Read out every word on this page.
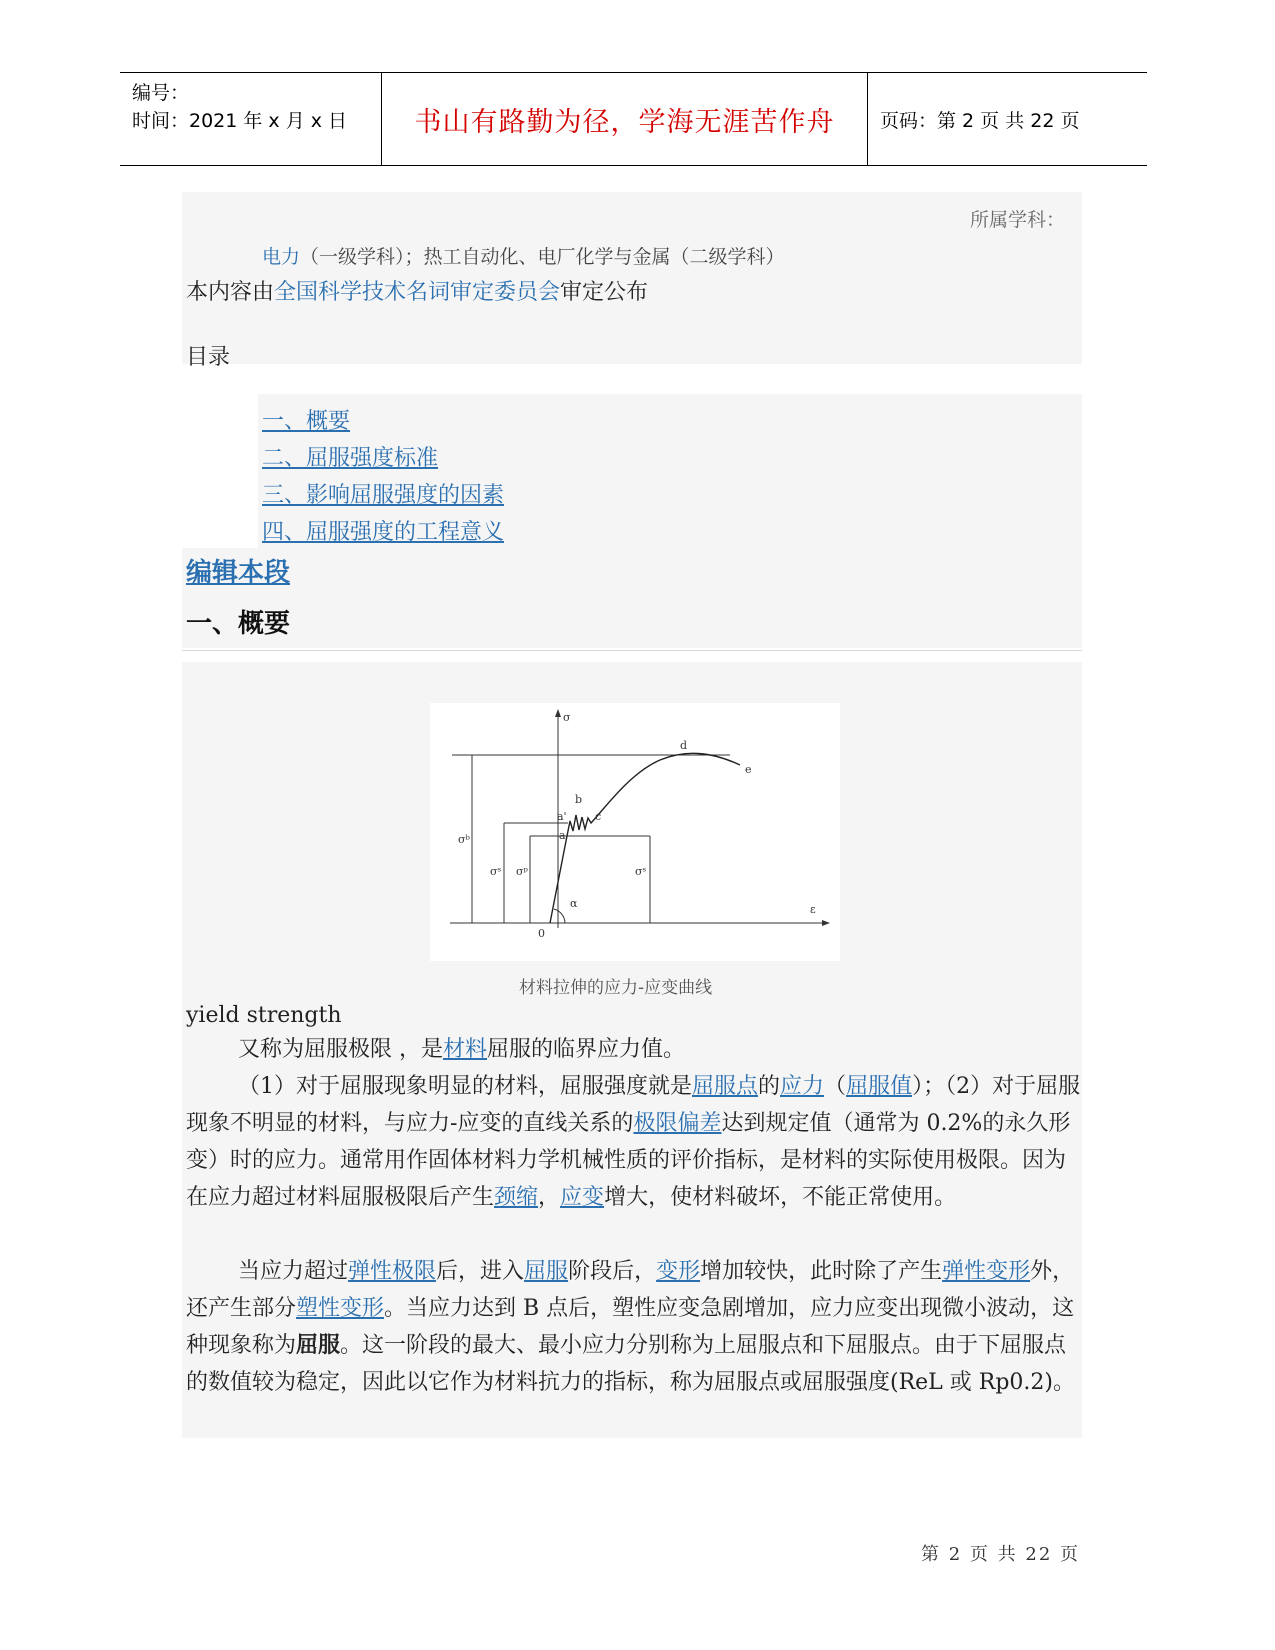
编号：
时间：2021 年 x 月 x 日	书山有路勤为径，学海无涯苦作舟	页码：第 2 页 共 22 页
所属学科：
电力（一级学科）；热工自动化、电厂化学与金属（二级学科）
本内容由全国科学技术名词审定委员会审定公布
目录
一、概要
二、屈服强度标准
三、影响屈服强度的因素
四、屈服强度的工程意义
编辑本段
一、概要
σ
ε
0
α
a
a'
b
c
d
e
σᵇ
σˢ σᵖ	σˢ
材料拉伸的应力-应变曲线
yield strength
又称为屈服极限 ，是材料屈服的临界应力值。
（1）对于屈服现象明显的材料，屈服强度就是屈服点的应力（屈服值）；（2）对于屈服现象不明显的材料，与应力-应变的直线关系的极限偏差达到规定值（通常为 0.2%的永久形变）时的应力。通常用作固体材料力学机械性质的评价指标，是材料的实际使用极限。因为在应力超过材料屈服极限后产生颈缩，应变增大，使材料破坏，不能正常使用。
当应力超过弹性极限后，进入屈服阶段后，变形增加较快，此时除了产生弹性变形外，还产生部分塑性变形。当应力达到 B 点后，塑性应变急剧增加，应力应变出现微小波动，这种现象称为屈服。这一阶段的最大、最小应力分别称为上屈服点和下屈服点。由于下屈服点的数值较为稳定，因此以它作为材料抗力的指标，称为屈服点或屈服强度(ReL 或 Rp0.2)。
第 2 页 共 22 页
